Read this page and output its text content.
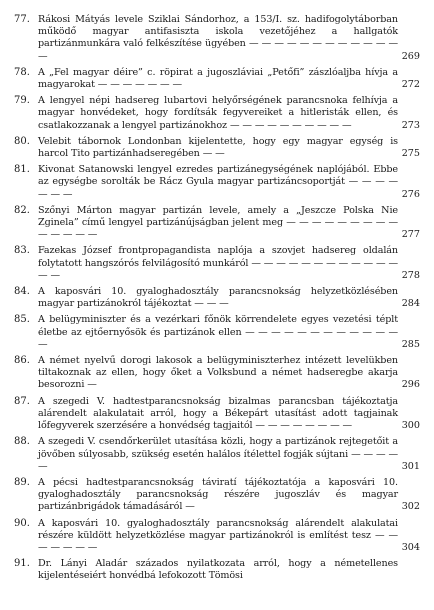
77. Rákosi Mátyás levele Sziklai Sándorhoz, a 153/I. sz. hadifogolytáborban működő magyar antifasiszta iskola vezetőjéhez a hallgatók partizánmunkára való felkészítése ügyében — — — — — — — — — — — — —	269
78. A „Fel magyar déire” c. röpirat a jugoszláviai „Petőfi” zászlóaljba hívja a magyarokat — — — — — — —	272
79. A lengyel népi hadsereg lubartovi helyőrségének parancsnoka felhívja a magyar honvédeket, hogy fordítsák fegyvereiket a hitleristák ellen, és csatlakozzanak a lengyel partizánokhoz — — — — — — — — — —	273
80. Velebit tábornok Londonban kijelentette, hogy egy magyar egység is harcol Tito partizánhadseregében — —	275
81. Kivonat Satanowski lengyel ezredes partizánegységének naplójából. Ebbe az egységbe sorolták be Rácz Gyula magyar partizáncsoportját — — — — — — —	276
82. Szőnyi Márton magyar partizán levele, amely a „Jeszcze Polska Nie Zginela” című lengyel partizánújságban jelent meg — — — — — — — — — — — — — —	277
83. Fazekas József frontpropagandista naplója a szovjet hadsereg oldalán folytatott hangszórós felvilágosító munkáról — — — — — — — — — — — — — —	278
84. A kaposvári 10. gyaloghadosztály parancsnokság helyzetközlésében magyar partizánokról tájékoztat — — —	284
85. A belügyminiszter és a vezérkari főnök körrendelete egyes vezetési téplt életbe az ejtőernyősök és partizánok ellen — — — — — — — — — — — — —	285
86. A német nyelvű dorogi lakosok a belügyminiszterhez intézett levelükben tiltakoznak az ellen, hogy őket a Volksbund a német hadseregbe akarja besorozni —	296
87. A szegedi V. hadtestparancsnokság bizalmas parancsban tájékoztatja alárendelt alakulatait arról, hogy a Békepárt utasítást adott tagjainak lőfegyverek szerzésére a honvédség tagjaitól — — — — — — — —	300
88. A szegedi V. csendőrkerület utasítása közli, hogy a partizánok rejtegetőit a jövőben súlyosabb, szükség esetén halálos ítélettel fogják sújtani — — — — —	301
89. A pécsi hadtestparancsnokság táviratí tájékoztatója a kaposvári 10. gyaloghadosztály parancsnokság részére jugoszláv és magyar partizánbrigádok támadásáról —	302
90. A kaposvári 10. gyaloghadosztály parancsnokság alárendelt alakulatai részére küldött helyzetközlése magyar partizánokról is említést tesz — — — — — — —	304
91. Dr. Lányi Aladár százados nyilatkozata arról, hogy a németellenes kijelentéseiért honvédbá lefokozott Tömösi
